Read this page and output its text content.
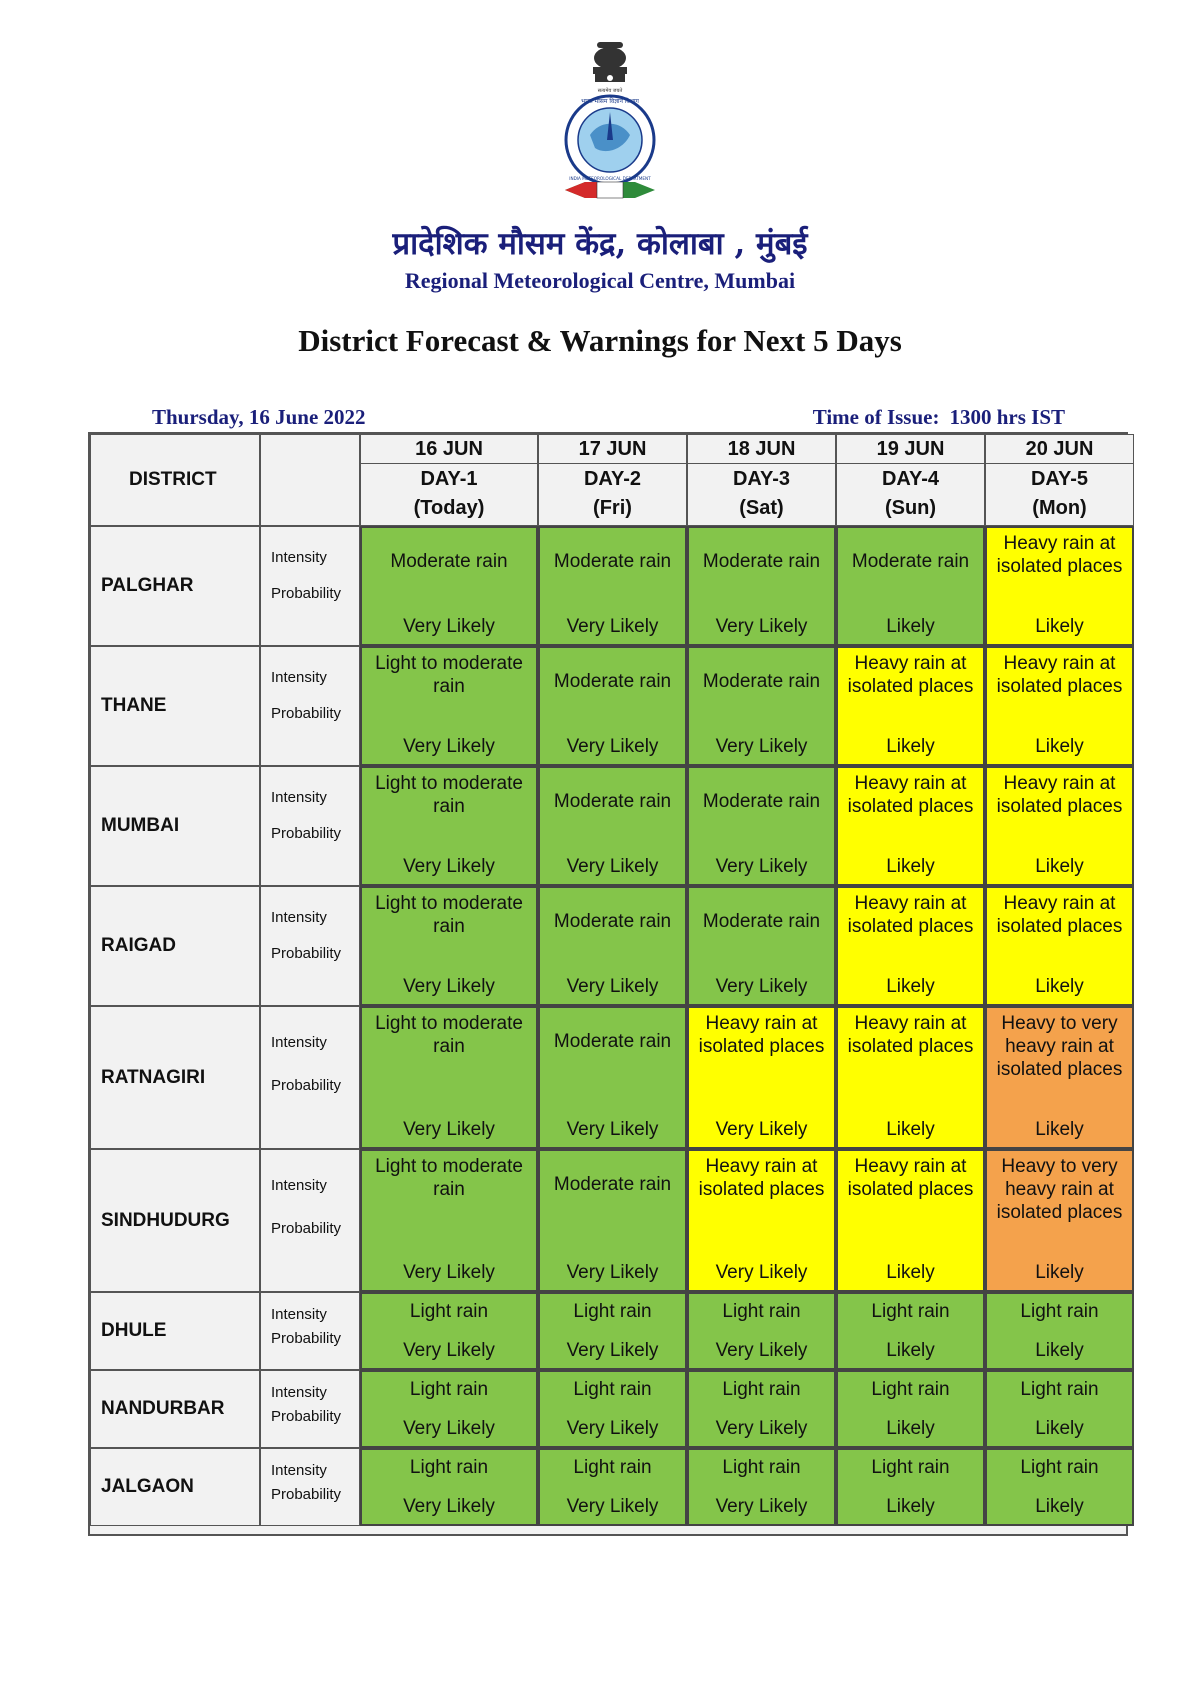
सत्यमेव जयते
भारत मौसम विज्ञान विभाग
INDIA METEOROLOGICAL DEPARTMENT
प्रादेशिक मौसम केंद्र, कोलाबा , मुंबई
Regional Meteorological Centre, Mumbai
District Forecast & Warnings for Next 5 Days
Thursday, 16 June 2022	Time of Issue: 1300 hrs IST
DISTRICT
16 JUN
DAY-1
(Today)
17 JUN
DAY-2
(Fri)
18 JUN
DAY-3
(Sat)
19 JUN
DAY-4
(Sun)
20 JUN
DAY-5
(Mon)
PALGHAR
Intensity
Probability
Moderate rain
Very Likely
Moderate rain
Very Likely
Moderate rain
Very Likely
Moderate rain
Likely
Heavy rain at isolated places
Likely
THANE
Intensity
Probability
Light to moderate rain
Very Likely
Moderate rain
Very Likely
Moderate rain
Very Likely
Heavy rain at isolated places
Likely
Heavy rain at isolated places
Likely
MUMBAI
Intensity
Probability
Light to moderate rain
Very Likely
Moderate rain
Very Likely
Moderate rain
Very Likely
Heavy rain at isolated places
Likely
Heavy rain at isolated places
Likely
RAIGAD
Intensity
Probability
Light to moderate rain
Very Likely
Moderate rain
Very Likely
Moderate rain
Very Likely
Heavy rain at isolated places
Likely
Heavy rain at isolated places
Likely
RATNAGIRI
Intensity
Probability
Light to moderate rain
Very Likely
Moderate rain
Very Likely
Heavy rain at isolated places
Very Likely
Heavy rain at isolated places
Likely
Heavy to very heavy rain at isolated places
Likely
SINDHUDURG
Intensity
Probability
Light to moderate rain
Very Likely
Moderate rain
Very Likely
Heavy rain at isolated places
Very Likely
Heavy rain at isolated places
Likely
Heavy to very heavy rain at isolated places
Likely
DHULE
Intensity
Probability
Light rain
Very Likely
Light rain
Very Likely
Light rain
Very Likely
Light rain
Likely
Light rain
Likely
NANDURBAR
Intensity
Probability
Light rain
Very Likely
Light rain
Very Likely
Light rain
Very Likely
Light rain
Likely
Light rain
Likely
JALGAON
Intensity
Probability
Light rain
Very Likely
Light rain
Very Likely
Light rain
Very Likely
Light rain
Likely
Light rain
Likely
